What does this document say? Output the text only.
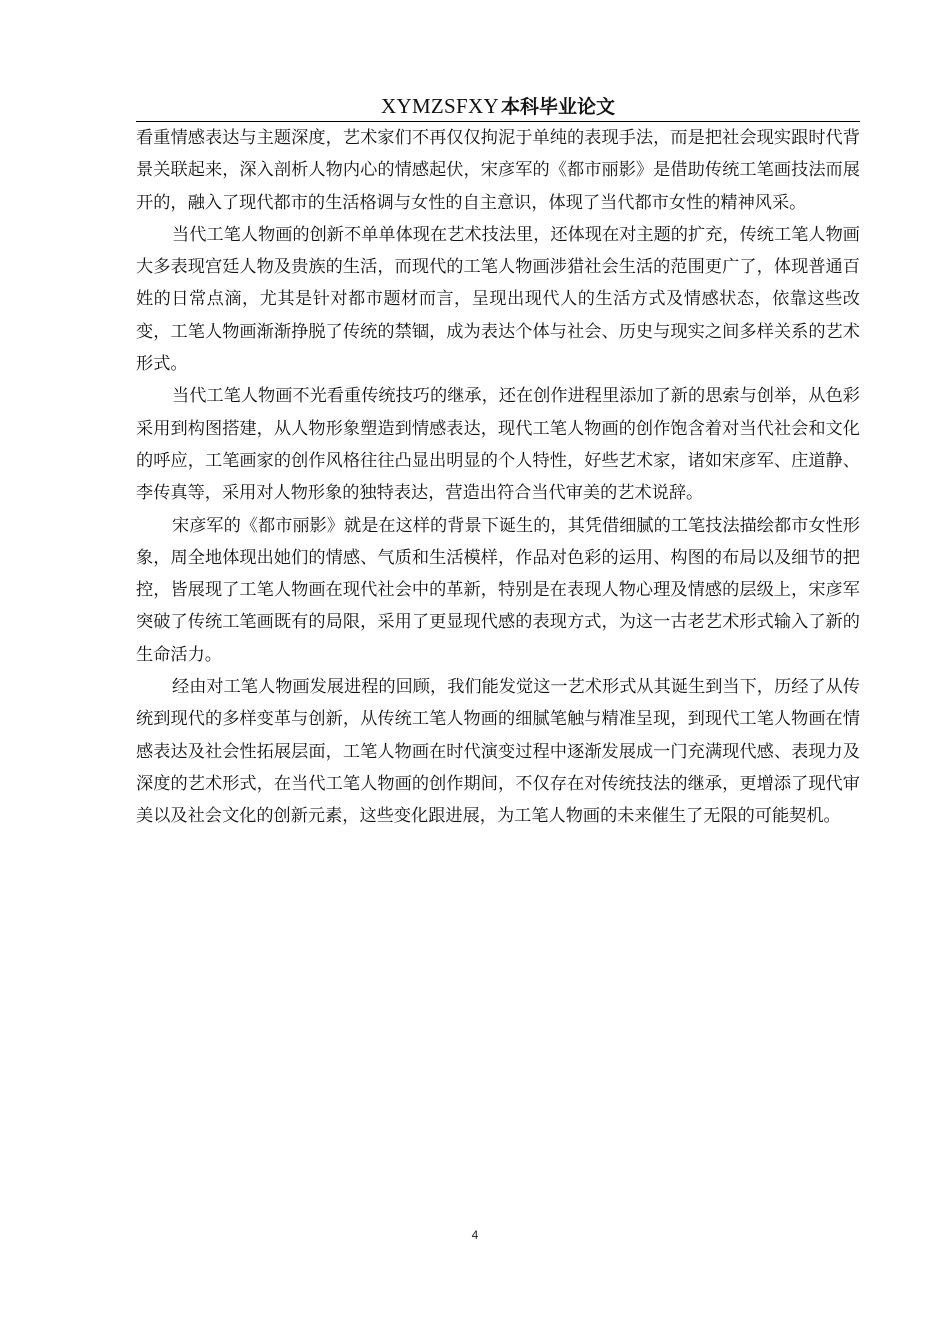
XYMZSFXY 本科毕业论文

看重情感表达与主题深度，艺术家们不再仅仅拘泥于单纯的表现手法，而是把社会现实跟时代背景关联起来，深入剖析人物内心的情感起伏，宋彦军的《都市丽影》是借助传统工笔画技法而展开的，融入了现代都市的生活格调与女性的自主意识，体现了当代都市女性的精神风采。

当代工笔人物画的创新不单单体现在艺术技法里，还体现在对主题的扩充，传统工笔人物画大多表现宫廷人物及贵族的生活，而现代的工笔人物画涉猎社会生活的范围更广了，体现普通百姓的日常点滴，尤其是针对都市题材而言，呈现出现代人的生活方式及情感状态，依靠这些改变，工笔人物画渐渐挣脱了传统的禁锢，成为表达个体与社会、历史与现实之间多样关系的艺术形式。

当代工笔人物画不光看重传统技巧的继承，还在创作进程里添加了新的思索与创举，从色彩采用到构图搭建，从人物形象塑造到情感表达，现代工笔人物画的创作饱含着对当代社会和文化的呼应，工笔画家的创作风格往往凸显出明显的个人特性，好些艺术家，诸如宋彦军、庄道静、李传真等，采用对人物形象的独特表达，营造出符合当代审美的艺术说辞。

宋彦军的《都市丽影》就是在这样的背景下诞生的，其凭借细腻的工笔技法描绘都市女性形象，周全地体现出她们的情感、气质和生活模样，作品对色彩的运用、构图的布局以及细节的把控，皆展现了工笔人物画在现代社会中的革新，特别是在表现人物心理及情感的层级上，宋彦军突破了传统工笔画既有的局限，采用了更显现代感的表现方式，为这一古老艺术形式输入了新的生命活力。

经由对工笔人物画发展进程的回顾，我们能发觉这一艺术形式从其诞生到当下，历经了从传统到现代的多样变革与创新，从传统工笔人物画的细腻笔触与精准呈现，到现代工笔人物画在情感表达及社会性拓展层面，工笔人物画在时代演变过程中逐渐发展成一门充满现代感、表现力及深度的艺术形式，在当代工笔人物画的创作期间，不仅存在对传统技法的继承，更增添了现代审美以及社会文化的创新元素，这些变化跟进展，为工笔人物画的未来催生了无限的可能契机。

4
